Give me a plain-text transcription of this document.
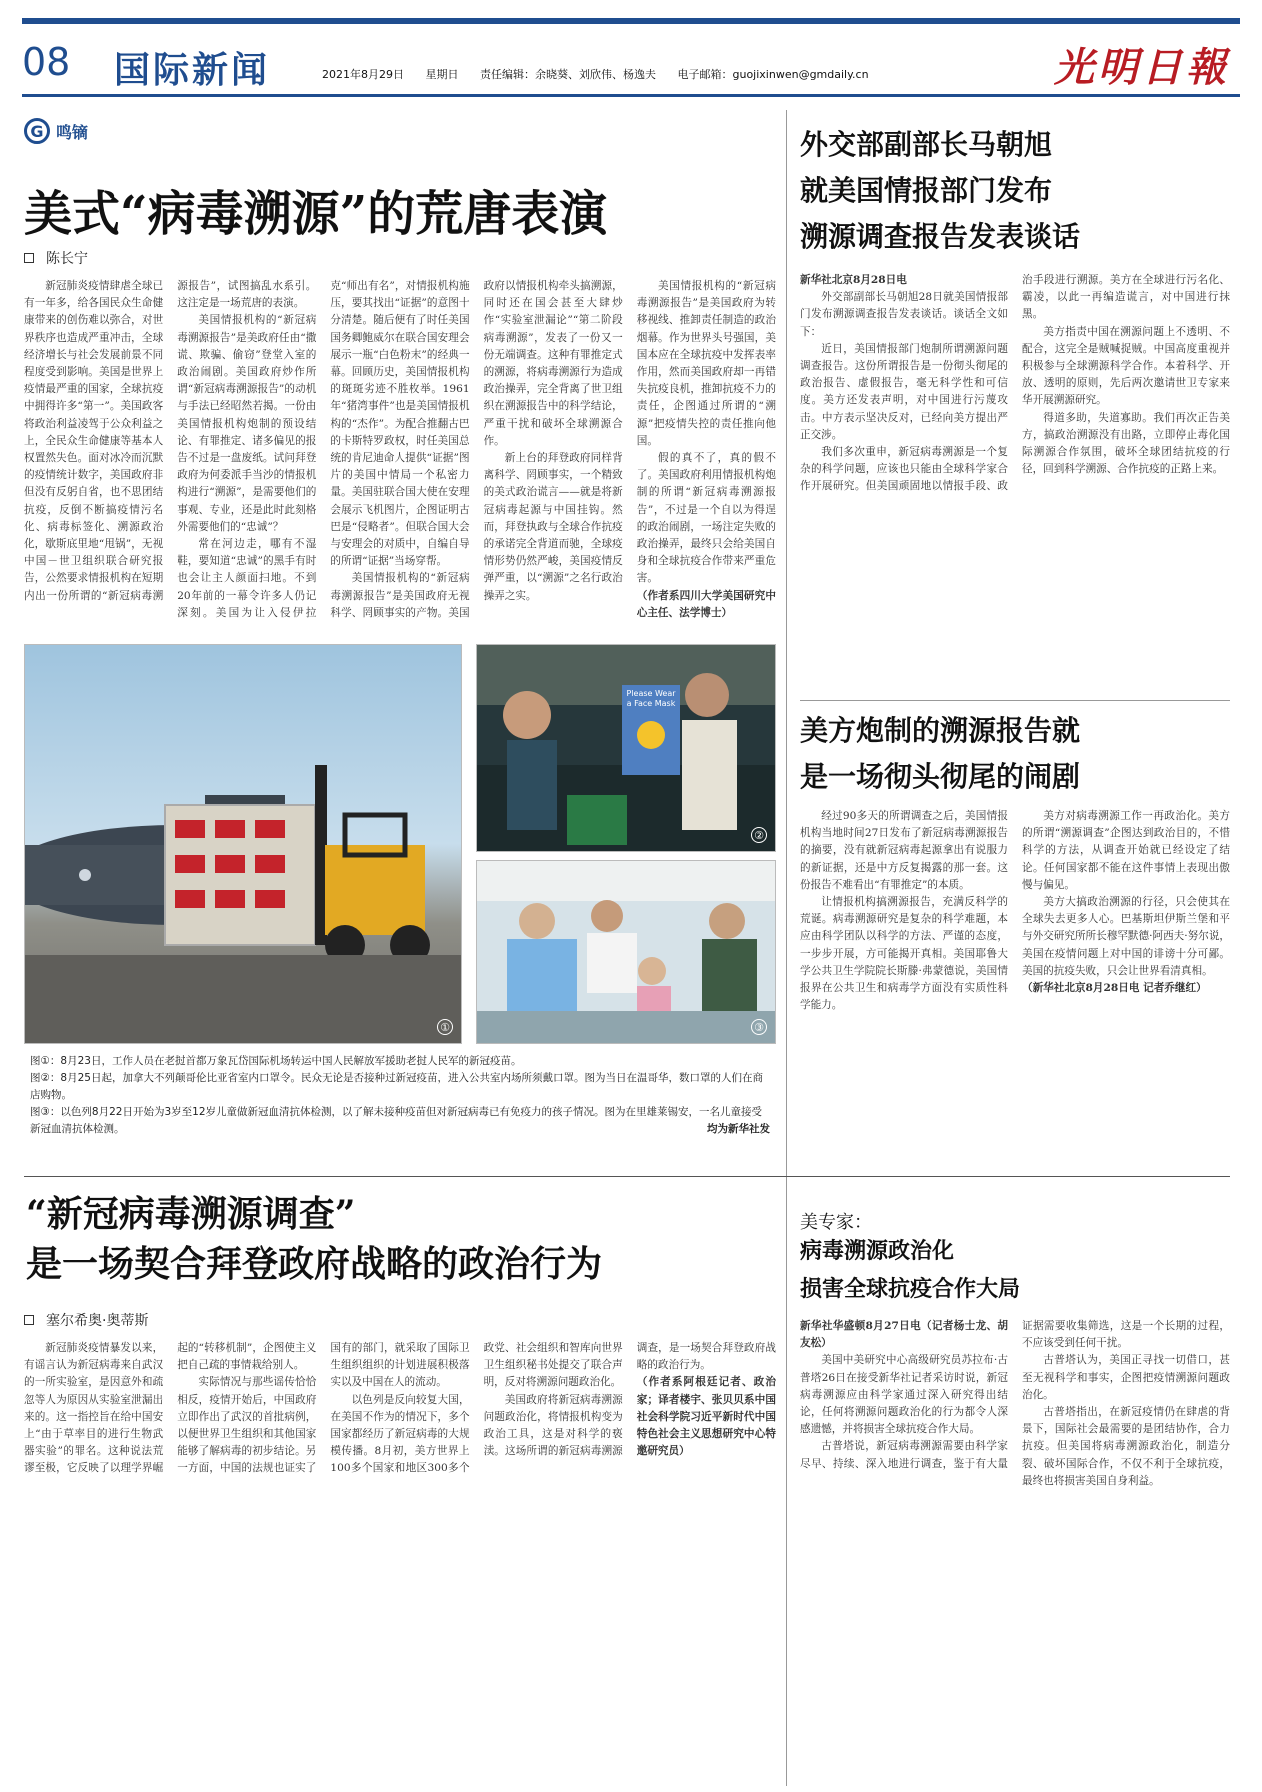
08 国际新闻	2021年8月29日 星期日 责任编辑：余晓葵、刘欣伟、杨逸夫 电子邮箱：guojixinwen@gmdaily.cn	光明日報
G 鸣镝
美式“病毒溯源”的荒唐表演
陈长宁

新冠肺炎疫情肆虐全球已有一年多，给各国民众生命健康带来的创伤难以弥合，对世界秩序也造成严重冲击，全球经济增长与社会发展前景不同程度受到影响。美国是世界上疫情最严重的国家，全球抗疫中拥得许多“第一”。美国政客将政治利益凌驾于公众利益之上，全民众生命健康等基本人权置然失色。面对冰冷而沉默的疫情统计数字，美国政府非但没有反躬自省，也不思团结抗疫，反倒不断搞疫情污名化、病毒标签化、溯源政治化，歇斯底里地“甩锅”，无视中国－世卫组织联合研究报告，公然要求情报机构在短期内出一份所谓的“新冠病毒溯源报告”，试图搞乱水系引。这注定是一场荒唐的表演。

美国情报机构的“新冠病毒溯源报告”是美政府任由“撒谎、欺骗、偷窃”登堂入室的政治闹剧。美国政府炒作所谓“新冠病毒溯源报告”的动机与手法已经昭然若揭。一份由美国情报机构炮制的预设结论、有罪推定、诸多偏见的报告不过是一盘废纸。试问拜登政府为何委派手当沙的情报机构进行“溯源”，是需要他们的事观、专业，还是此时此刻格外需要他们的“忠诚”？

常在河边走，哪有不湿鞋，要知道“忠诚”的黑手有时也会让主人颜面扫地。不到20年前的一幕令许多人仍记深刻。美国为让入侵伊拉克“师出有名”，对情报机构施压，要其找出“证据”的意图十分清楚。随后便有了时任美国国务卿鲍威尔在联合国安理会展示一瓶“白色粉末”的经典一幕。回顾历史，美国情报机构的斑斑劣迹不胜枚举。1961年“猪湾事件”也是美国情报机构的“杰作”。为配合推翻古巴的卡斯特罗政权，时任美国总统的肯尼迪命人提供“证据”图片的美国中情局一个私密力量。美国驻联合国大使在安理会展示飞机图片，企图证明古巴是“侵略者”。但联合国大会与安理会的对质中，自编自导的所谓“证据”当场穿帮。

美国情报机构的“新冠病毒溯源报告”是美国政府无视科学、罔顾事实的产物。美国政府以情报机构牵头搞溯源，同时还在国会甚至大肆炒作“实验室泄漏论”“第二阶段病毒溯源”，发表了一份又一份无端调查。这种有罪推定式的溯源，将病毒溯源行为造成政治操弄，完全背离了世卫组织在溯源报告中的科学结论，严重干扰和破坏全球溯源合作。

新上台的拜登政府同样背离科学、罔顾事实，一个精致的美式政治谎言——就是将新冠病毒起源与中国挂钩。然而，拜登执政与全球合作抗疫的承诺完全背道而驰，全球疫情形势仍然严峻，美国疫情反弹严重，以“溯源”之名行政治操弄之实。

美国情报机构的“新冠病毒溯源报告”是美国政府为转移视线、推卸责任制造的政治烟幕。作为世界头号强国，美国本应在全球抗疫中发挥表率作用，然而美国政府却一再错失抗疫良机，推卸抗疫不力的责任，企图通过所谓的“溯源”把疫情失控的责任推向他国。

假的真不了，真的假不了。美国政府利用情报机构炮制的所谓“新冠病毒溯源报告”，不过是一个自以为得逞的政治闹剧，一场注定失败的政治操弄，最终只会给美国自身和全球抗疫合作带来严重危害。

（作者系四川大学美国研究中心主任、法学博士）

外交部副部长马朝旭
就美国情报部门发布
溯源调查报告发表谈话

新华社北京8月28日电

外交部副部长马朝旭28日就美国情报部门发布溯源调查报告发表谈话。谈话全文如下：

近日，美国情报部门炮制所谓溯源问题调查报告。这份所谓报告是一份彻头彻尾的政治报告、虚假报告，毫无科学性和可信度。美方还发表声明，对中国进行污蔑攻击。中方表示坚决反对，已经向美方提出严正交涉。

我们多次重申，新冠病毒溯源是一个复杂的科学问题，应该也只能由全球科学家合作开展研究。但美国顽固地以情报手段、政治手段进行溯源。美方在全球进行污名化、霸凌，以此一再编造谎言，对中国进行抹黑。

美方指责中国在溯源问题上不透明、不配合，这完全是贼喊捉贼。中国高度重视并积极参与全球溯源科学合作。本着科学、开放、透明的原则，先后两次邀请世卫专家来华开展溯源研究。

得道多助，失道寡助。我们再次正告美方，搞政治溯源没有出路，立即停止毒化国际溯源合作氛围，破坏全球团结抗疫的行径，回到科学溯源、合作抗疫的正路上来。

美方炮制的溯源报告就
是一场彻头彻尾的闹剧

经过90多天的所谓调查之后，美国情报机构当地时间27日发布了新冠病毒溯源报告的摘要，没有就新冠病毒起源拿出有说服力的新证据，还是中方反复揭露的那一套。这份报告不难看出“有罪推定”的本质。

让情报机构搞溯源报告，充满反科学的荒诞。病毒溯源研究是复杂的科学难题，本应由科学团队以科学的方法、严谨的态度，一步步开展，方可能揭开真相。美国耶鲁大学公共卫生学院院长斯滕·弗蒙德说，美国情报界在公共卫生和病毒学方面没有实质性科学能力。

美方对病毒溯源工作一再政治化。美方的所谓“溯源调查”企图达到政治目的，不惜科学的方法，从调查开始就已经设定了结论。任何国家都不能在这件事情上表现出傲慢与偏见。

美方大搞政治溯源的行径，只会使其在全球失去更多人心。巴基斯坦伊斯兰堡和平与外交研究所所长穆罕默德·阿西夫·努尔说，美国在疫情问题上对中国的诽谤十分可鄙。美国的抗疫失败，只会让世界看清真相。

（新华社北京8月28日电 记者乔继红）

①
Please Wear a Face Mask
②
③
图①：8月23日，工作人员在老挝首都万象瓦岱国际机场转运中国人民解放军援助老挝人民军的新冠疫苗。
图②：8月25日起，加拿大不列颠哥伦比亚省室内口罩令。民众无论是否接种过新冠疫苗，进入公共室内场所须戴口罩。图为当日在温哥华，数口罩的人们在商店购物。
图③：以色列8月22日开始为3岁至12岁儿童做新冠血清抗体检测，以了解未接种疫苗但对新冠病毒已有免疫力的孩子情况。图为在里雄莱锡安，一名儿童接受新冠血清抗体检测。	均为新华社发
“新冠病毒溯源调查”
是一场契合拜登政府战略的政治行为
塞尔希奥·奥蒂斯

新冠肺炎疫情暴发以来，有谣言认为新冠病毒来自武汉的一所实验室，是因意外和疏忽等人为原因从实验室泄漏出来的。这一指控旨在给中国安上“由于草率目的进行生物武器实验”的罪名。这种说法荒谬至极，它反映了以理学界崛起的“转移机制”，企图使主义把自己疏的事情栽给别人。

实际情况与那些谣传恰恰相反，疫情开始后，中国政府立即作出了武汉的首批病例，以便世界卫生组织和其他国家能够了解病毒的初步结论。另一方面，中国的法规也证实了国有的部门，就采取了国际卫生组织组织的计划进展积极落实以及中国在人的流动。

以色列是反向较复大国，在美国不作为的情况下，多个国家都经历了新冠病毒的大规模传播。8月初，美方世界上100多个国家和地区300多个政党、社会组织和智库向世界卫生组织秘书处提交了联合声明，反对将溯源问题政治化。

美国政府将新冠病毒溯源问题政治化，将情报机构变为政治工具，这是对科学的亵渎。这场所谓的新冠病毒溯源调查，是一场契合拜登政府战略的政治行为。

（作者系阿根廷记者、政治家；译者楼宇、张贝贝系中国社会科学院习近平新时代中国特色社会主义思想研究中心特邀研究员）

美专家：
病毒溯源政治化
损害全球抗疫合作大局

新华社华盛顿8月27日电（记者杨士龙、胡友松）

美国中美研究中心高级研究员苏拉布·古普塔26日在接受新华社记者采访时说，新冠病毒溯源应由科学家通过深入研究得出结论，任何将溯源问题政治化的行为都令人深感遗憾，并将损害全球抗疫合作大局。

古普塔说，新冠病毒溯源需要由科学家尽早、持续、深入地进行调查，鉴于有大量证据需要收集筛选，这是一个长期的过程，不应该受到任何干扰。

古普塔认为，美国正寻找一切借口，甚至无视科学和事实，企图把疫情溯源问题政治化。

古普塔指出，在新冠疫情仍在肆虐的背景下，国际社会最需要的是团结协作，合力抗疫。但美国将病毒溯源政治化，制造分裂、破坏国际合作，不仅不利于全球抗疫，最终也将损害美国自身利益。
